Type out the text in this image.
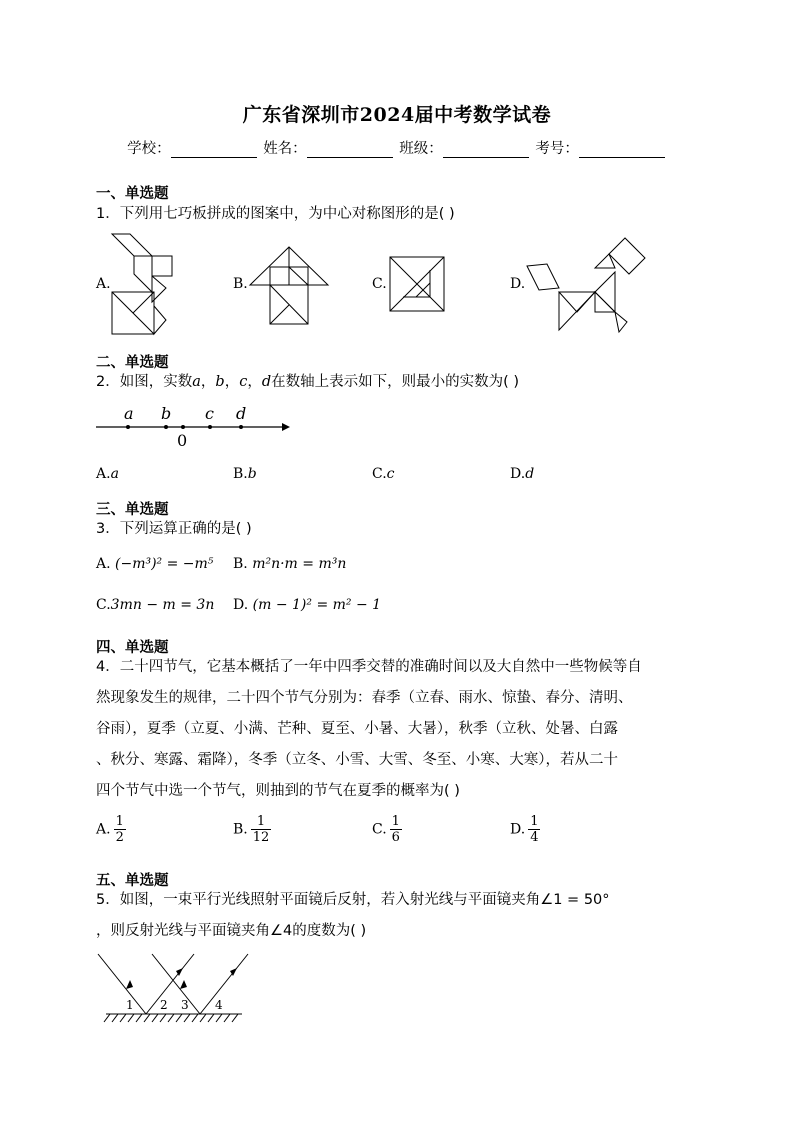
广东省深圳市2024届中考数学试卷
学校：	姓名：	班级：	考号：
一、单选题
1．下列用七巧板拼成的图案中，为中心对称图形的是( )
A.	B.	C.	D.
二、单选题
2．如图，实数a，b，c，d在数轴上表示如下，则最小的实数为( )
a b c d
0
A.a	B.b	C.c	D.d
三、单选题
3．下列运算正确的是( )
A. (−m³)² = −m⁵ B. m²n·m = m³n
C.3mn − m = 3n D. (m − 1)² = m² − 1
四、单选题
4．二十四节气，它基本概括了一年中四季交替的准确时间以及大自然中一些物候等自
然现象发生的规律，二十四个节气分别为：春季（立春、雨水、惊蛰、春分、清明、
谷雨），夏季（立夏、小满、芒种、夏至、小暑、大暑），秋季（立秋、处暑、白露
、秋分、寒露、霜降），冬季（立冬、小雪、大雪、冬至、小寒、大寒），若从二十
四个节气中选一个节气，则抽到的节气在夏季的概率为( )
A. $\frac{1}{2}$	B. $\frac{1}{12}$	C. $\frac{1}{6}$	D. $\frac{1}{4}$
五、单选题
5．如图，一束平行光线照射平面镜后反射，若入射光线与平面镜夹角∠1 = 50°
，则反射光线与平面镜夹角∠4的度数为( )
1 2 3 4
